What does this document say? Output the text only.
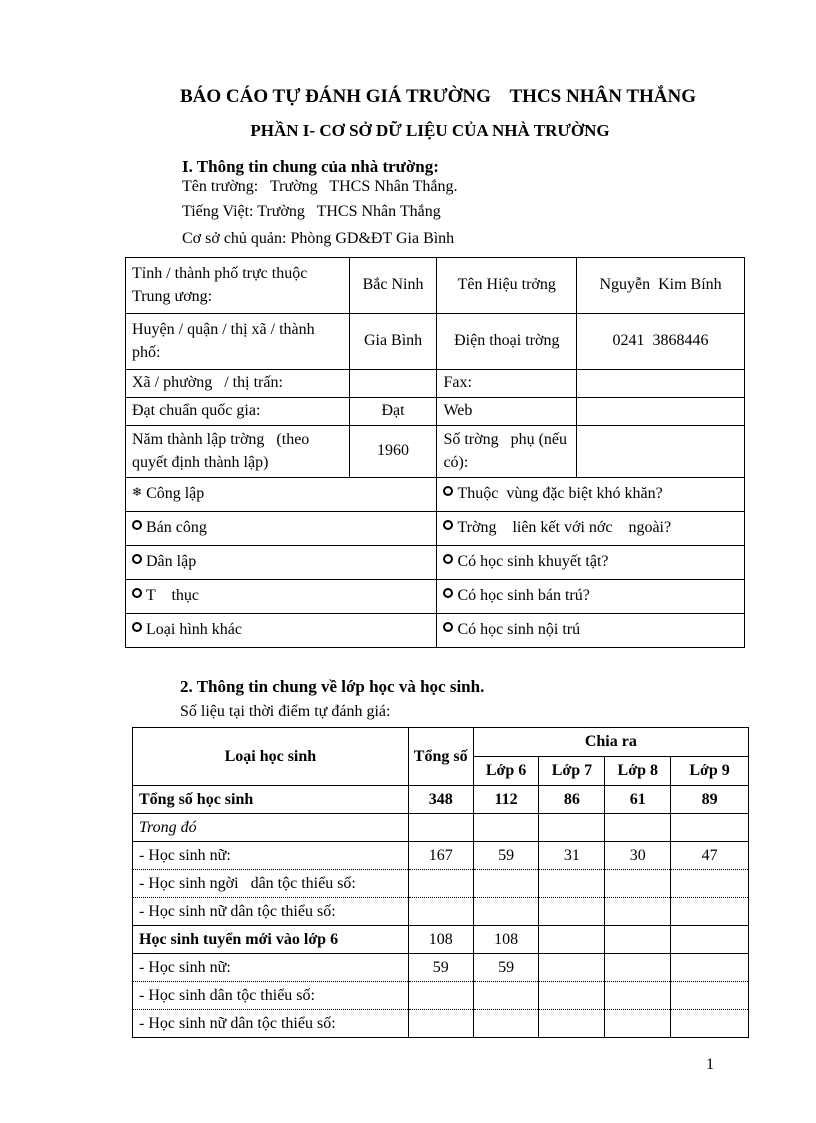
BÁO CÁO TỰ ĐÁNH GIÁ TRƯỜNG    THCS NHÂN THẮNG
PHẦN I- CƠ SỞ DỮ LIỆU CỦA NHÀ TRƯỜNG
I. Thông tin chung của nhà trường:
Tên trường:   Trường   THCS Nhân Thắng.
Tiếng Việt: Trường   THCS Nhân Thắng
Cơ sở chủ quản: Phòng GD&ĐT Gia Bình
Tỉnh / thành phố trực thuộc Trung ương:	Bắc Ninh	Tên Hiệu trởng	Nguyễn  Kim Bính
Huyện / quận / thị xã / thành phố:	Gia Bình	Điện thoại trờng	0241  3868446
Xã / phường   / thị trấn:		Fax:	
Đạt chuẩn quốc gia:	Đạt	Web	
Năm thành lập trờng   (theo quyết định thành lập)	1960	Số trờng   phụ (nếu có):	
❄ Công lập		Thuộc  vùng đặc biệt khó khăn?	
Bán công		Trờng    liên kết với nớc    ngoài?	
Dân lập		Có học sinh khuyết tật?	
T    thục		Có học sinh bán trú?	
Loại hình khác		Có học sinh nội trú	
2. Thông tin chung về lớp học và học sinh.
Số liệu tại thời điểm tự đánh giá:
Loại học sinh	Tổng số	Chia ra			
		Lớp 6	Lớp 7	Lớp 8	Lớp 9
Tổng số học sinh	348	112	86	61	89
Trong đó					
- Học sinh nữ:	167	59	31	30	47
- Học sinh ngời   dân tộc thiểu số:					
- Học sinh nữ dân tộc thiểu số:					
Học sinh tuyển mới vào lớp 6	108	108			
- Học sinh nữ:	59	59			
- Học sinh dân tộc thiểu số:					
- Học sinh nữ dân tộc thiểu số:					
1
